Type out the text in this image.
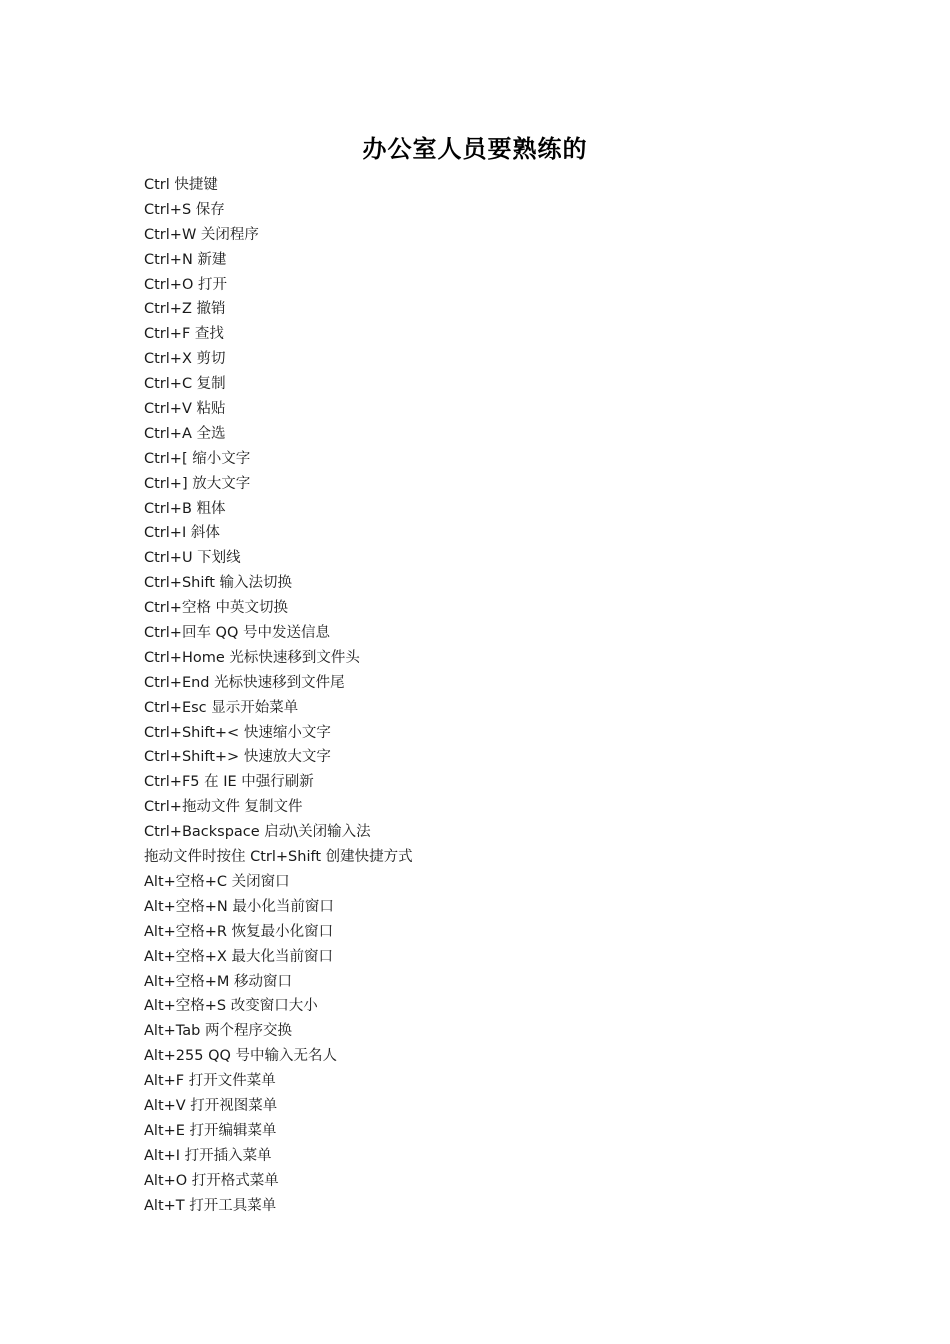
办公室人员要熟练的
Ctrl 快捷键
Ctrl+S 保存
Ctrl+W 关闭程序
Ctrl+N 新建
Ctrl+O 打开
Ctrl+Z 撤销
Ctrl+F 查找
Ctrl+X 剪切
Ctrl+C 复制
Ctrl+V 粘贴
Ctrl+A 全选
Ctrl+[ 缩小文字
Ctrl+] 放大文字
Ctrl+B 粗体
Ctrl+I 斜体
Ctrl+U 下划线
Ctrl+Shift 输入法切换
Ctrl+空格 中英文切换
Ctrl+回车 QQ 号中发送信息
Ctrl+Home 光标快速移到文件头
Ctrl+End 光标快速移到文件尾
Ctrl+Esc 显示开始菜单
Ctrl+Shift+< 快速缩小文字
Ctrl+Shift+> 快速放大文字
Ctrl+F5 在 IE 中强行刷新
Ctrl+拖动文件 复制文件
Ctrl+Backspace 启动\关闭输入法
拖动文件时按住 Ctrl+Shift 创建快捷方式
Alt+空格+C 关闭窗口
Alt+空格+N 最小化当前窗口
Alt+空格+R 恢复最小化窗口
Alt+空格+X 最大化当前窗口
Alt+空格+M 移动窗口
Alt+空格+S 改变窗口大小
Alt+Tab 两个程序交换
Alt+255 QQ 号中输入无名人
Alt+F 打开文件菜单
Alt+V 打开视图菜单
Alt+E 打开编辑菜单
Alt+I 打开插入菜单
Alt+O 打开格式菜单
Alt+T 打开工具菜单
